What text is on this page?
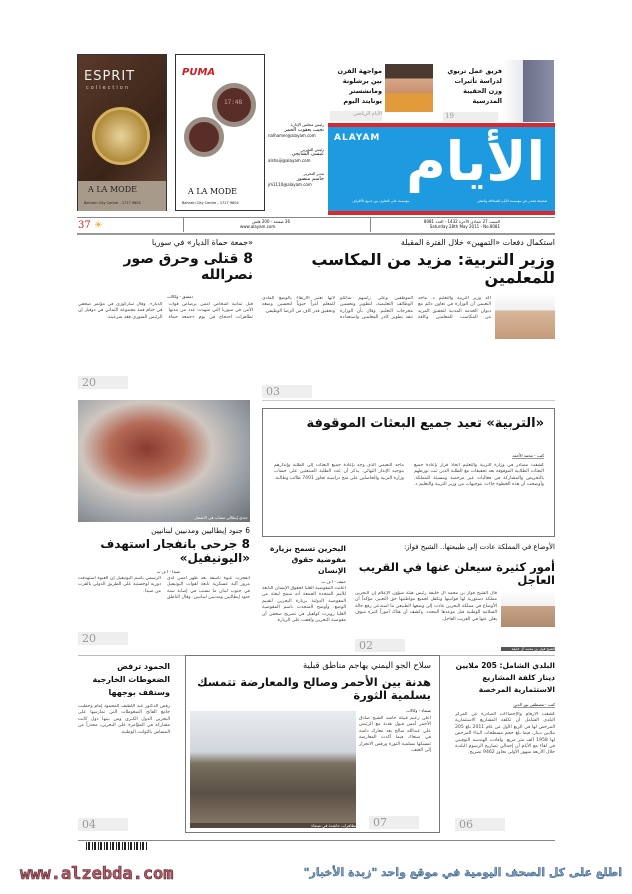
ESPRIT
collection
A LA MODE
Bahrain City Centre - 1717 9604
PUMA
17:48
A LA MODE
Bahrain City Centre - 1717 9604
رئيس مجلس الإدارة
نجيب يعقوب الحمر
nalhamer@alayam.com
رئيس التحرير
عيسى الشايجي
alshaiji@alayam.com
مدير التحرير
جاسم منصور
jm1110@alayam.com
مواجهة القرن بين برشلونة ومانشستر يونايتد اليوم
الأيام الرياضي
فريق عمل تربوي لدراسة تأثيرات وزن الحقيبة المدرسية
19
ALAYAM الأيام
صحيفة تصدر عن مؤسسة الأيام للصحافة والنشر
مؤسسة على التعاون بين جميع الأطراف
37 ☀	36 صفحة - 200 فلس
www.alayam.com
السبت 27 جمادى الآخرة 1432 - العدد 8081
Saturday 28th May 2011 - No.8081
استكمال دفعات «التمهين» خلال الفترة المقبلة
وزير التربية: مزيد من المكاسب للمعلمين
أكد وزير التربية والتعليم د. ماجد النعيمي أن الوزارة في تعاون دائم مع ديوان الخدمة المدنية لتحقيق المزيد من المكاسب للمعلمين وكافة الموظفين وعلى رأسهم شاغلو الوظائف التعليمية، لتطوير وتحسين مخرجات التعليم. وقال بأن الوزارة تنفذ تطوير كادر المعلمين واستعداده لأنها تعتبر الارتقاء بالوضع المادي للمعلم أمراً حيوياً لتحسين وضعه وتحقيق قدر كاف من الرضا الوظيفي.
03
«جمعة حماة الديار» في سوريا
8 قتلى وحرق صور نصرالله
دمشق - وكالات
قتل ثمانية أشخاص أمس برصاص قوات الأمن في سوريا التي شهدت عدد من مدنها تظاهرات احتجاج في يوم «جمعة حماة الديار». وقال ساركوزي في مؤتمر صحفي في ختام قمة مجموعة الثماني في دوفيل إن الرئيس السوري فقد شرعيته.
20
«التربية» تعيد جميع البعثات الموقوفة
كتب - محمد الأحمد
كشفت مصادر في وزارة التربية والتعليم اتخاذ قرار بإعادة جميع البعثات الطلابية الموقوفة بعد تحقيقات مع الطلبة الذين ثبت تورطهم بالتحريض والمشاركة في فعاليات غير مرخصة ومسيئة للمملكة. وأوضحت أن هذه الخطوة جاءت بتوجيهات من وزير التربية والتعليم د. ماجد النعيمي الذي وجه بإعادة جميع البعثات إلى الطلبة وإنذارهم بتوجيه الإنذار النهائي. يذكر أن عدد الطلبة المبتعثين على حساب وزارة التربية والحاصلين على منح دراسية تجاوز 7401 طالب وطالبة.
جندي إيطالي مصاب في الانفجار
6 جنود إيطاليين ومدنيين لبنانيين
8 جرحى بانفجار استهدف «اليونيفيل»
صيدا - ا ف ب
انفجرت عبوة ناسفة بعد ظهر أمس لدى مرور آلية عسكرية تابعة لقوات اليونيفيل في جنوب لبنان ما تسبب في إصابة ستة جنود إيطاليين ومدنيين لبنانيين. وقال الناطق الرسمي باسم اليونيفيل إن العبوة استهدفت دورية لوجستية على الطريق الدولي بالقرب من صيدا.
20
البحرين تسمح بزيارة مفوضية حقوق الإنسان
جنيف - ا ف ب
أعلنت المفوضية العليا لحقوق الإنسان التابعة للأمم المتحدة الجمعة أنه سمح لبعثة من المفوضية الدولية بزيارة البحرين لتقييم الوضع. وأوضح المتحدث باسم المفوضية العليا روبرت كولفيل في تصريح صحفي أن مفوضية البحرين وافقت على الزيارة.
الأوضاع في المملكة عادت إلى طبيعتها.. الشيخ فواز:
أمور كثيرة سيعلن عنها في القريب العاجل
الشيخ فواز بن محمد آل خليفة
قال الشيخ فواز بن محمد آل خليفة رئيس هيئة شؤون الإعلام إن البحرين مملكة دستورية لها قوانينها وتكفل لجميع مواطنيها حق التعبير، مؤكداً أن الأوضاع في مملكة البحرين عادت إلى وضعها الطبيعي ما استدعى رفع حالة السلامة الوطنية قبل موعدها المحدد. وكشف أن هناك أموراً كثيرة سوف يعلن عنها في القريب العاجل.
02
الحمود ترفض الضغوطات الخارجية وستقف بوجهها
رفض الدكتور عبد اللطيف المحمود إمام وخطيب جامع الفاتح الضغوطات التي تمارسها على البحرين الدول الكبرى ومن بينها دول كانت مشاركة في المؤامرة على البحرين، محذراً من المساس بالثوابت الوطنية.
04
سلاح الجو اليمني يهاجم مناطق قبلية
هدنة بين الأحمر وصالح والمعارضة تتمسك بسلمية الثورة
صنعاء - وكالات
أعلن زعيم قبيلة حاشد الشيخ صادق الأحمر أمس قبول هدنة مع الرئيس علي عبدالله صالح بعد معارك دامية في صنعاء، فيما أكدت المعارضة تمسكها بسلمية الثورة ورفض الانجرار إلى العنف.
تظاهرات حاشدة في صنعاء	07
البلدي الشامل: 205 ملايين دينار كلفة المشاريع الاستثمارية المرخصة
كتب - مصطفى نور الدين
كشفت الأرقام والإحصاءات الصادرة عن المركز البلدي الشامل أن تكلفة المشاريع الاستثمارية المرخص لها في الربع الأول من عام 2011 بلغ 205 ملايين دينار، فيما بلغ حجم مسطحات البناء المرخص لها 1958 ألف متر مربع. وأفادت الهندسة التوقيتي في لقاء مع الأيام أن إجمالي تصاريح الرسوم البلدية خلال الأربعة شهور الأولى تجاوز 9462 تصريح.
06
www.alzebda.com	اطلع على كل الصحف اليومية في موقع واحد "زبدة الأخبار"
